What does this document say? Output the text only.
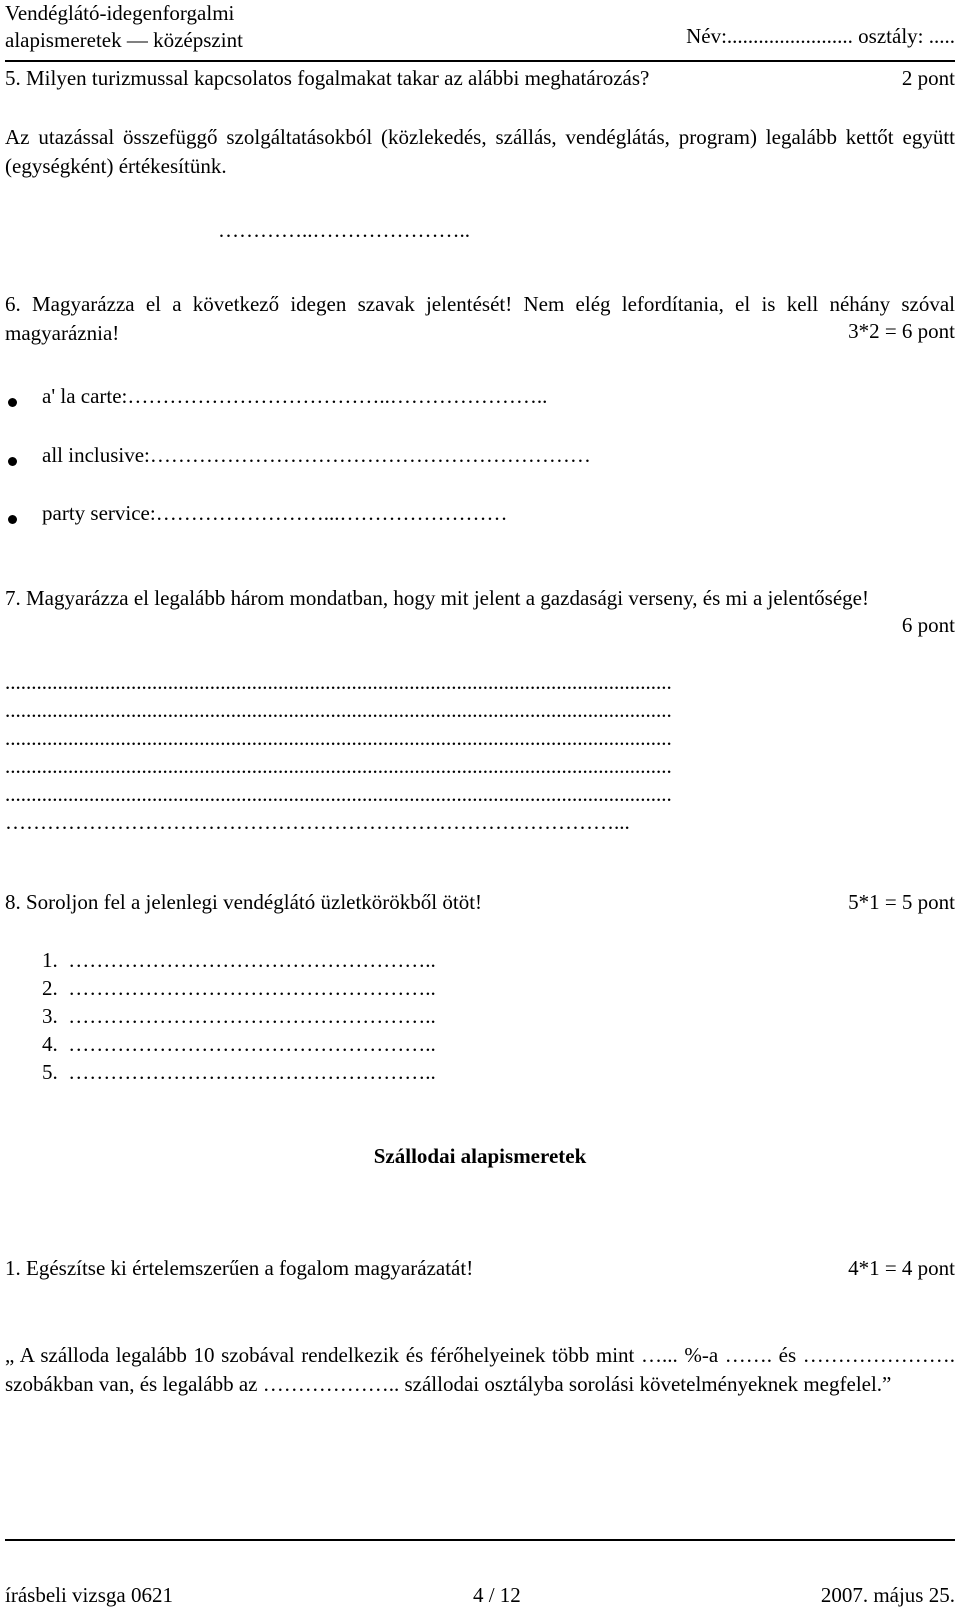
Vendéglátó-idegenforgalmi
alapismeretek — középszint	Név:........................ osztály: .....
5. Milyen turizmussal kapcsolatos fogalmakat takar az alábbi meghatározás?	2 pont
Az utazással összefüggő szolgáltatásokból (közlekedés, szállás, vendéglátás, program) legalább kettőt együtt (egységként) értékesítünk.
…………..…………………..
6. Magyarázza el a következő idegen szavak jelentését! Nem elég lefordítania, el is kell néhány szóval magyaráznia!	3*2 = 6 pont
a' la carte:………………………………..…………………..
all inclusive:………………………………………………………
party service:……………………...……………………
7. Magyarázza el legalább három mondatban, hogy mit jelent a gazdasági verseny, és mi a jelentősége!
6 pont
...............................................................................................................................
...............................................................................................................................
...............................................................................................................................
...............................................................................................................................
...............................................................................................................................
……………………………………………………………………………...
8. Soroljon fel a jelenlegi vendéglátó üzletkörökből ötöt!	5*1 = 5 pont
1. ……………………………………………..
2. ……………………………………………..
3. ……………………………………………..
4. ……………………………………………..
5. ……………………………………………..
Szállodai alapismeretek
1. Egészítse ki értelemszerűen a fogalom magyarázatát!	4*1 = 4 pont
„ A szálloda legalább 10 szobával rendelkezik és férőhelyeinek több mint …... %-a ……. és …………………. szobákban van, és legalább az ……………….. szállodai osztályba sorolási követelményeknek megfelel.”
írásbeli vizsga 0621	4 / 12	2007. május 25.
